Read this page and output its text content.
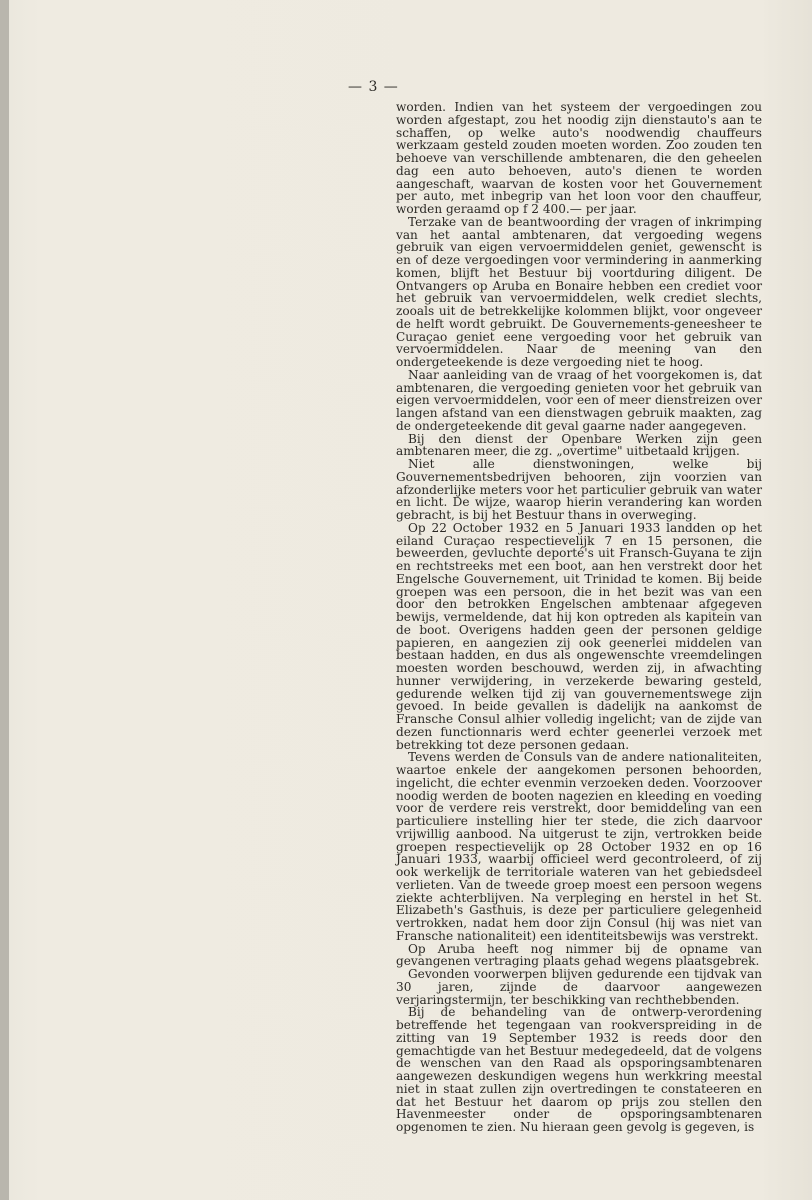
— 3 —

worden. Indien van het systeem der vergoedingen zou worden afgestapt, zou het noodig zijn dienstauto's aan te schaffen, op welke auto's noodwendig chauffeurs werkzaam gesteld zouden moeten worden. Zoo zouden ten behoeve van verschillende ambtenaren, die den geheelen dag een auto behoeven, auto's dienen te worden aangeschaft, waarvan de kosten voor het Gouvernement per auto, met inbegrip van het loon voor den chauffeur, worden geraamd op f 2 400.— per jaar.

Terzake van de beantwoording der vragen of inkrimping van het aantal ambtenaren, dat vergoeding wegens gebruik van eigen vervoermiddelen geniet, gewenscht is en of deze vergoedingen voor vermindering in aanmerking komen, blijft het Bestuur bij voortduring diligent. De Ontvangers op Aruba en Bonaire hebben een crediet voor het gebruik van vervoermiddelen, welk crediet slechts, zooals uit de betrekkelijke kolommen blijkt, voor ongeveer de helft wordt gebruikt. De Gouvernements-geneesheer te Curaçao geniet eene vergoeding voor het gebruik van vervoermiddelen. Naar de meening van den ondergeteekende is deze vergoeding niet te hoog.

Naar aanleiding van de vraag of het voorgekomen is, dat ambtenaren, die vergoeding genieten voor het gebruik van eigen vervoermiddelen, voor een of meer dienstreizen over langen afstand van een dienstwagen gebruik maakten, zag de ondergeteekende dit geval gaarne nader aangegeven.

Bij den dienst der Openbare Werken zijn geen ambtenaren meer, die zg. „overtime" uitbetaald krijgen.

Niet alle dienstwoningen, welke bij Gouvernementsbedrijven behooren, zijn voorzien van afzonderlijke meters voor het particulier gebruik van water en licht. De wijze, waarop hierin verandering kan worden gebracht, is bij het Bestuur thans in overweging.

Op 22 October 1932 en 5 Januari 1933 landden op het eiland Curaçao respectievelijk 7 en 15 personen, die beweerden, gevluchte deporté's uit Fransch-Guyana te zijn en rechtstreeks met een boot, aan hen verstrekt door het Engelsche Gouvernement, uit Trinidad te komen. Bij beide groepen was een persoon, die in het bezit was van een door den betrokken Engelschen ambtenaar afgegeven bewijs, vermeldende, dat hij kon optreden als kapitein van de boot. Overigens hadden geen der personen geldige papieren, en aangezien zij ook geenerlei middelen van bestaan hadden, en dus als ongewenschte vreemdelingen moesten worden beschouwd, werden zij, in afwachting hunner verwijdering, in verzekerde bewaring gesteld, gedurende welken tijd zij van gouvernementswege zijn gevoed. In beide gevallen is dadelijk na aankomst de Fransche Consul alhier volledig ingelicht; van de zijde van dezen functionnaris werd echter geenerlei verzoek met betrekking tot deze personen gedaan.

Tevens werden de Consuls van de andere nationaliteiten, waartoe enkele der aangekomen personen behoorden, ingelicht, die echter evenmin verzoeken deden. Voorzoover noodig werden de booten nagezien en kleeding en voeding voor de verdere reis verstrekt, door bemiddeling van een particuliere instelling hier ter stede, die zich daarvoor vrijwillig aanbood. Na uitgerust te zijn, vertrokken beide groepen respectievelijk op 28 October 1932 en op 16 Januari 1933, waarbij officieel werd gecontroleerd, of zij ook werkelijk de territoriale wateren van het gebiedsdeel verlieten. Van de tweede groep moest een persoon wegens ziekte achterblijven. Na verpleging en herstel in het St. Elizabeth's Gasthuis, is deze per particuliere gelegenheid vertrokken, nadat hem door zijn Consul (hij was niet van Fransche nationaliteit) een identiteitsbewijs was verstrekt.

Op Aruba heeft nog nimmer bij de opname van gevangenen vertraging plaats gehad wegens plaatsgebrek.

Gevonden voorwerpen blijven gedurende een tijdvak van 30 jaren, zijnde de daarvoor aangewezen verjaringstermijn, ter beschikking van rechthebbenden.

Bij de behandeling van de ontwerp-verordening betreffende het tegengaan van rookverspreiding in de zitting van 19 September 1932 is reeds door den gemachtigde van het Bestuur medegedeeld, dat de volgens de wenschen van den Raad als opsporingsambtenaren aangewezen deskundigen wegens hun werkkring meestal niet in staat zullen zijn overtredingen te constateeren en dat het Bestuur het daarom op prijs zou stellen den Havenmeester onder de opsporingsambtenaren opgenomen te zien. Nu hieraan geen gevolg is gegeven, is
